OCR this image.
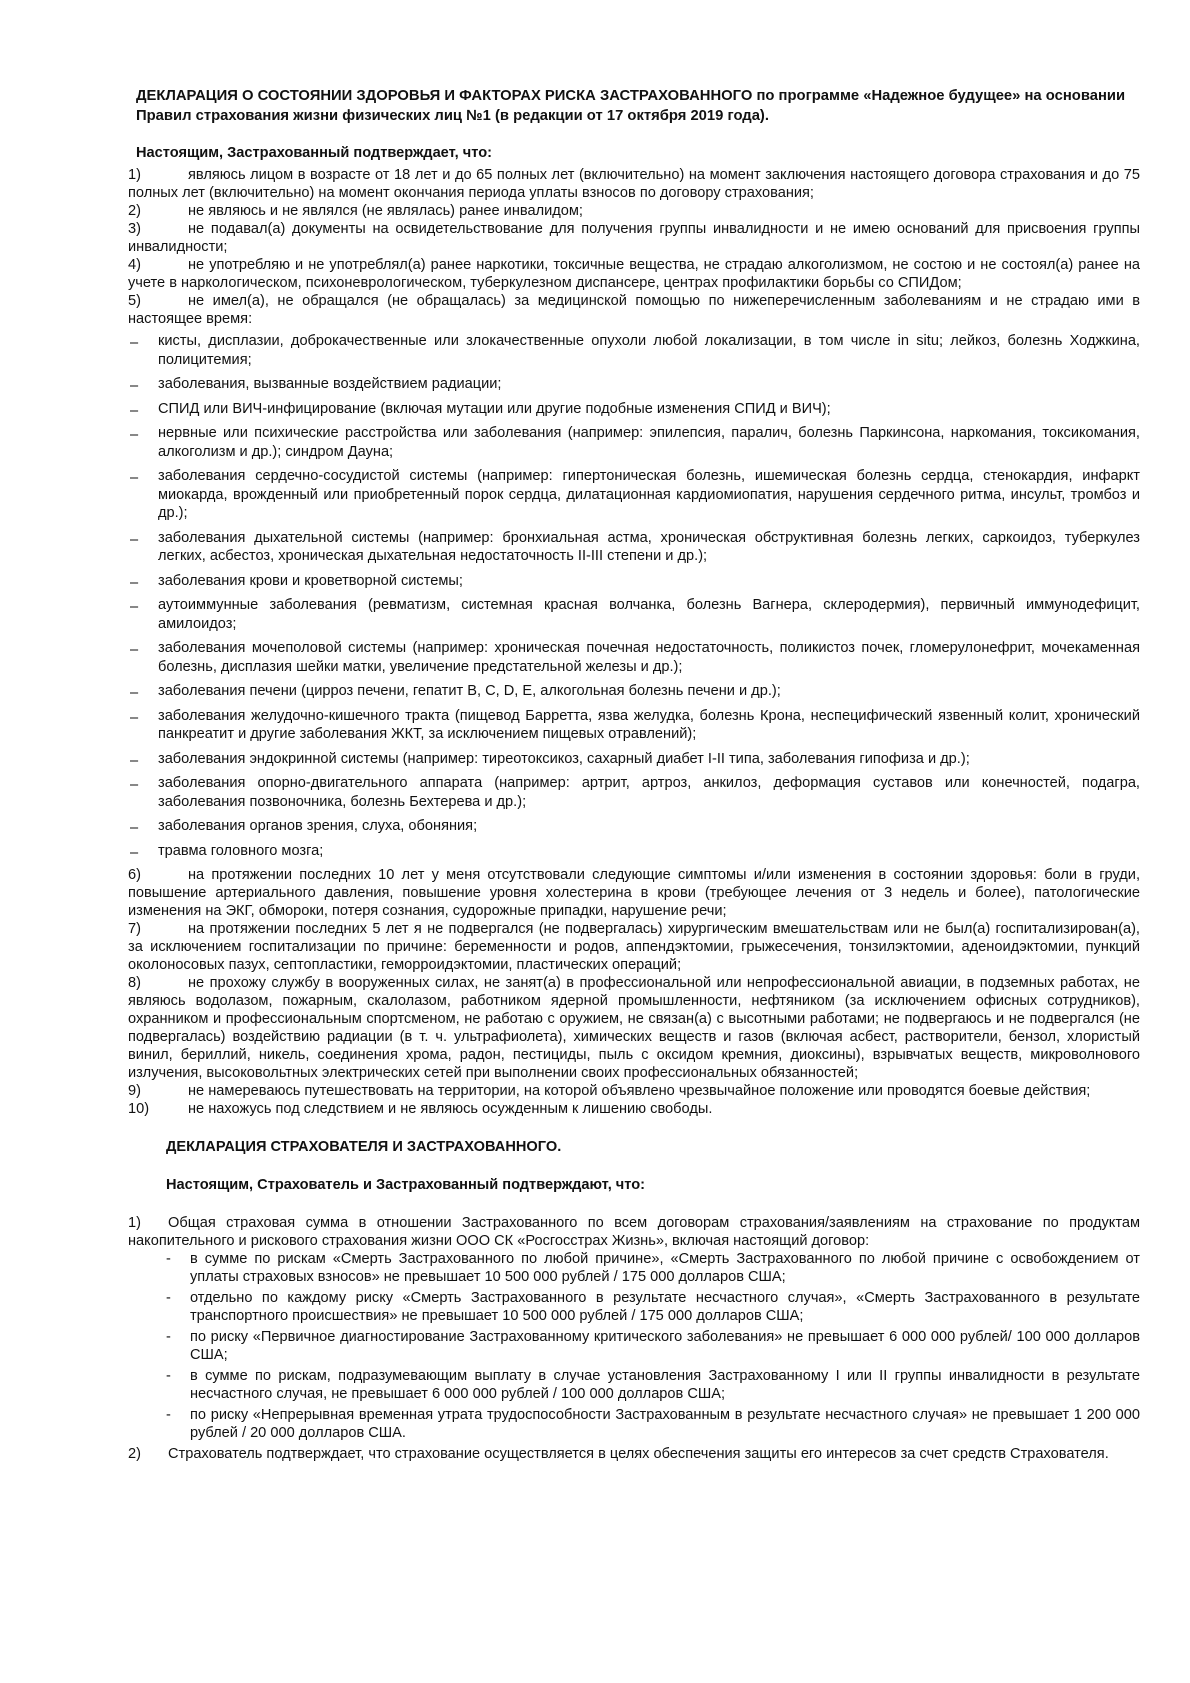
ДЕКЛАРАЦИЯ О СОСТОЯНИИ ЗДОРОВЬЯ И ФАКТОРАХ РИСКА ЗАСТРАХОВАННОГО по программе «Надежное будущее» на основании Правил страхования жизни физических лиц №1 (в редакции от 17 октября 2019 года).

Настоящим, Застрахованный подтверждает, что:

1)	являюсь лицом в возрасте от 18 лет и до 65 полных лет (включительно) на момент заключения настоящего договора страхования и до 75 полных лет (включительно) на момент окончания периода уплаты взносов по договору страхования;

2)	не являюсь и не являлся (не являлась) ранее инвалидом;

3)	не подавал(а) документы на освидетельствование для получения группы инвалидности и не имею оснований для присвоения группы инвалидности;

4)	не употребляю и не употреблял(а) ранее наркотики, токсичные вещества, не страдаю алкоголизмом, не состою и не состоял(а) ранее на учете в наркологическом, психоневрологическом, туберкулезном диспансере, центрах профилактики борьбы со СПИДом;

5)	не имел(а), не обращался (не обращалась) за медицинской помощью по нижеперечисленным заболеваниям и не страдаю ими в настоящее время:

– кисты, дисплазии, доброкачественные или злокачественные опухоли любой локализации, в том числе in situ; лейкоз, болезнь Ходжкина, полицитемия;
– заболевания, вызванные воздействием радиации;
– СПИД или ВИЧ-инфицирование (включая мутации или другие подобные изменения СПИД и ВИЧ);
– нервные или психические расстройства или заболевания (например: эпилепсия, паралич, болезнь Паркинсона, наркомания, токсикомания, алкоголизм и др.); синдром Дауна;
– заболевания сердечно-сосудистой системы (например: гипертоническая болезнь, ишемическая болезнь сердца, стенокардия, инфаркт миокарда, врожденный или приобретенный порок сердца, дилатационная кардиомиопатия, нарушения сердечного ритма, инсульт, тромбоз и др.);
– заболевания дыхательной системы (например: бронхиальная астма, хроническая обструктивная болезнь легких, саркоидоз, туберкулез легких, асбестоз, хроническая дыхательная недостаточность II-III степени и др.);
– заболевания крови и кроветворной системы;
– аутоиммунные заболевания (ревматизм, системная красная волчанка, болезнь Вагнера, склеродермия), первичный иммунодефицит, амилоидоз;
– заболевания мочеполовой системы (например: хроническая почечная недостаточность, поликистоз почек, гломерулонефрит, мочекаменная болезнь, дисплазия шейки матки, увеличение предстательной железы и др.);
– заболевания печени (цирроз печени, гепатит B, C, D, E, алкогольная болезнь печени и др.);
– заболевания желудочно-кишечного тракта (пищевод Барретта, язва желудка, болезнь Крона, неспецифический язвенный колит, хронический панкреатит и другие заболевания ЖКТ, за исключением пищевых отравлений);
– заболевания эндокринной системы (например: тиреотоксикоз, сахарный диабет I-II типа, заболевания гипофиза и др.);
– заболевания опорно-двигательного аппарата (например: артрит, артроз, анкилоз, деформация суставов или конечностей, подагра, заболевания позвоночника, болезнь Бехтерева и др.);
– заболевания органов зрения, слуха, обоняния;
– травма головного мозга;

6)	на протяжении последних 10 лет у меня отсутствовали следующие симптомы и/или изменения в состоянии здоровья: боли в груди, повышение артериального давления, повышение уровня холестерина в крови (требующее лечения от 3 недель и более), патологические изменения на ЭКГ, обмороки, потеря сознания, судорожные припадки, нарушение речи;

7)	на протяжении последних 5 лет я не подвергался (не подвергалась) хирургическим вмешательствам или не был(а) госпитализирован(а), за исключением госпитализации по причине: беременности и родов, аппендэктомии, грыжесечения, тонзилэктомии, аденоидэктомии, пункций околоносовых пазух, септопластики, геморроидэктомии, пластических операций;

8)	не прохожу службу в вооруженных силах, не занят(а) в профессиональной или непрофессиональной авиации, в подземных работах, не являюсь водолазом, пожарным, скалолазом, работником ядерной промышленности, нефтяником (за исключением офисных сотрудников), охранником и профессиональным спортсменом, не работаю с оружием, не связан(а) с высотными работами; не подвергаюсь и не подвергался (не подвергалась) воздействию радиации (в т. ч. ультрафиолета), химических веществ и газов (включая асбест, растворители, бензол, хлористый винил, бериллий, никель, соединения хрома, радон, пестициды, пыль с оксидом кремния, диоксины), взрывчатых веществ, микроволнового излучения, высоковольтных электрических сетей при выполнении своих профессиональных обязанностей;

9)	не намереваюсь путешествовать на территории, на которой объявлено чрезвычайное положение или проводятся боевые действия;

10)	не нахожусь под следствием и не являюсь осужденным к лишению свободы.

ДЕКЛАРАЦИЯ СТРАХОВАТЕЛЯ И ЗАСТРАХОВАННОГО.

Настоящим, Страхователь и Застрахованный подтверждают, что:

1) Общая страховая сумма в отношении Застрахованного по всем договорам страхования/заявлениям на страхование по продуктам накопительного и рискового страхования жизни ООО СК «Росгосстрах Жизнь», включая настоящий договор:

- в сумме по рискам «Смерть Застрахованного по любой причине», «Смерть Застрахованного по любой причине с освобождением от уплаты страховых взносов» не превышает 10 500 000 рублей / 175 000 долларов США;
- отдельно по каждому риску «Смерть Застрахованного в результате несчастного случая», «Смерть Застрахованного в результате транспортного происшествия» не превышает 10 500 000 рублей / 175 000 долларов США;
- по риску «Первичное диагностирование Застрахованному критического заболевания» не превышает 6 000 000 рублей/ 100 000 долларов США;
- в сумме по рискам, подразумевающим выплату в случае установления Застрахованному I или II группы инвалидности в результате несчастного случая, не превышает 6 000 000 рублей / 100 000 долларов США;
- по риску «Непрерывная временная утрата трудоспособности Застрахованным в результате несчастного случая» не превышает 1 200 000 рублей / 20 000 долларов США.

2) Страхователь подтверждает, что страхование осуществляется в целях обеспечения защиты его интересов за счет средств Страхователя.
